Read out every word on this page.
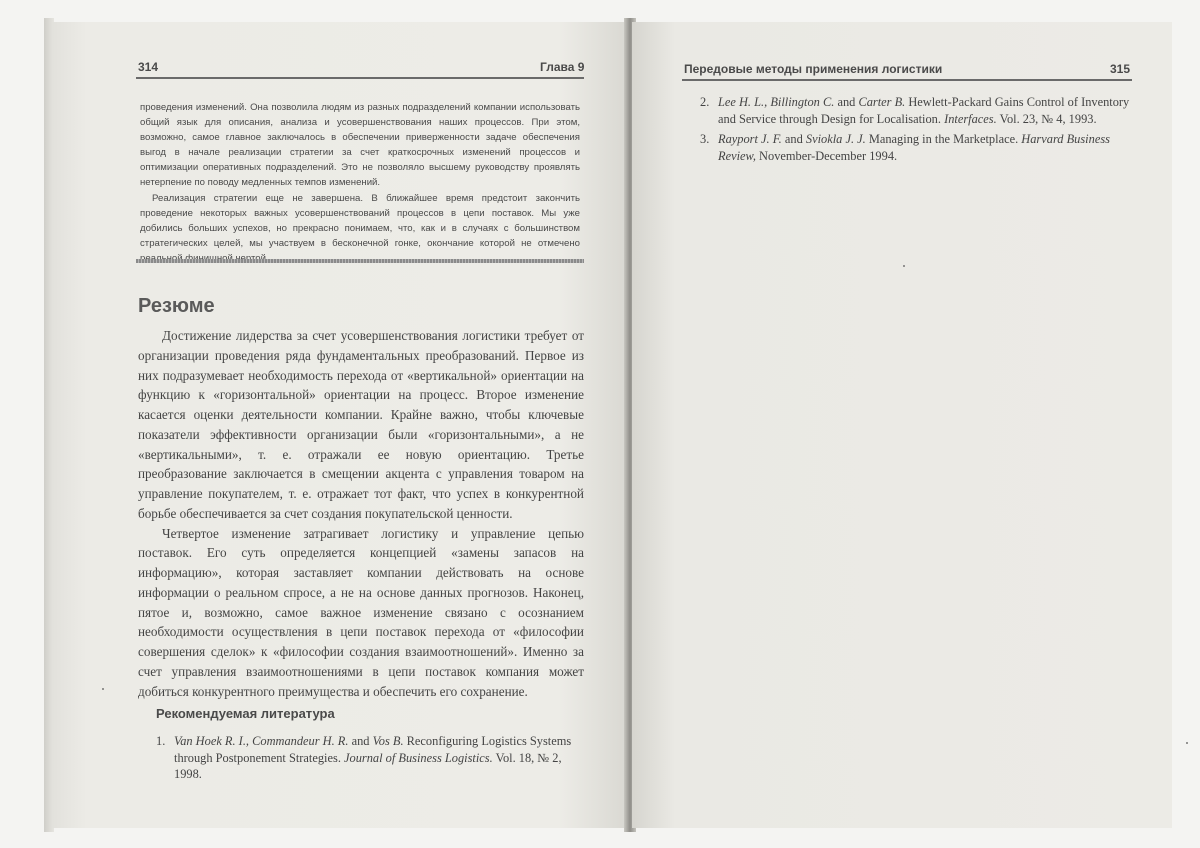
314	Глава 9

проведения изменений. Она позволила людям из разных подразделений компании использовать общий язык для описания, анализа и усовершенствования наших процессов. При этом, возможно, самое главное заключалось в обеспечении приверженности задаче обеспечения выгод в начале реализации стратегии за счет краткосрочных изменений процессов и оптимизации оперативных подразделений. Это не позволяло высшему руководству проявлять нетерпение по поводу медленных темпов изменений.

Реализация стратегии еще не завершена. В ближайшее время предстоит закончить проведение некоторых важных усовершенствований процессов в цепи поставок. Мы уже добились больших успехов, но прекрасно понимаем, что, как и в случаях с большинством стратегических целей, мы участвуем в бесконечной гонке, окончание которой не отмечено

Резюме

Достижение лидерства за счет усовершенствования логистики требует от организации проведения ряда фундаментальных преобразований. Первое из них подразумевает необходимость перехода от «вертикальной» ориентации на функцию к «горизонтальной» ориентации на процесс. Второе изменение касается оценки деятельности компании. Крайне важно, чтобы ключевые показатели эффективности организации были «горизонтальными», а не «вертикальными», т. е. отражали ее новую ориентацию. Третье преобразование заключается в смещении акцента с управления товаром на управление покупателем, т. е. отражает тот факт, что успех в конкурентной борьбе обеспечивается за счет создания покупательской ценности.

Четвертое изменение затрагивает логистику и управление цепью поставок. Его суть определяется концепцией «замены запасов на информацию», которая заставляет компании действовать на основе информации о реальном спросе, а не на основе данных прогнозов. Наконец, пятое и, возможно, самое важное изменение связано с осознанием необходимости осуществления в цепи поставок перехода от «философии совершения сделок» к «философии создания взаимоотношений». Именно за счет управления взаимоотношениями в цепи поставок компания может добиться конкурентного преимущества и обеспечить его сохранение.

Рекомендуемая литература
1. Van Hoek R. I., Commandeur H. R. and Vos B. Reconfiguring Logistics Systems through Postponement Strategies. Journal of Business Logistics. Vol. 18, № 2, 1998.
Передовые методы применения логистики	315
2. Lee H. L., Billington C. and Carter B. Hewlett-Packard Gains Control of Inventory and Service through Design for Localisation. Interfaces. Vol. 23, № 4, 1993.
3. Rayport J. F. and Sviokla J. J. Managing in the Marketplace. Harvard Business Review, November-December 1994.
